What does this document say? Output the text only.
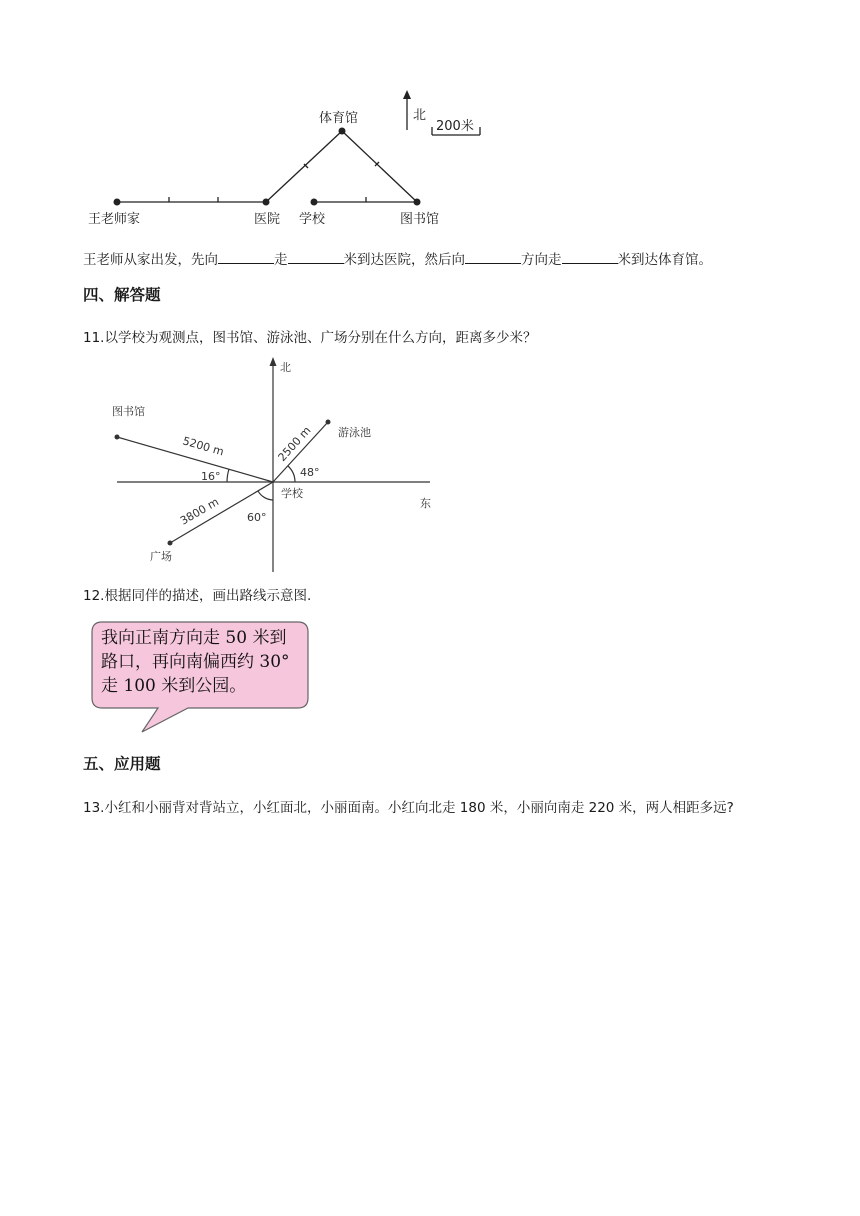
体育馆
王老师家	医院 学校	图书馆
北
200米
王老师从家出发，先向	走	米到达医院，然后向	方向走	米到达体育馆。
四、解答题
11.以学校为观测点，图书馆、游泳池、广场分别在什么方向，距离多少米？
北
东
学校
图书馆
游泳池
广场
5200 m	2500 m
3800 m
16°	48°
60°
12.根据同伴的描述，画出路线示意图.
我向正南方向走 50 米到
路口，再向南偏西约 30°
走 100 米到公园。
五、应用题
13.小红和小丽背对背站立，小红面北，小丽面南。小红向北走 180 米，小丽向南走 220 米，两人相距多远?
